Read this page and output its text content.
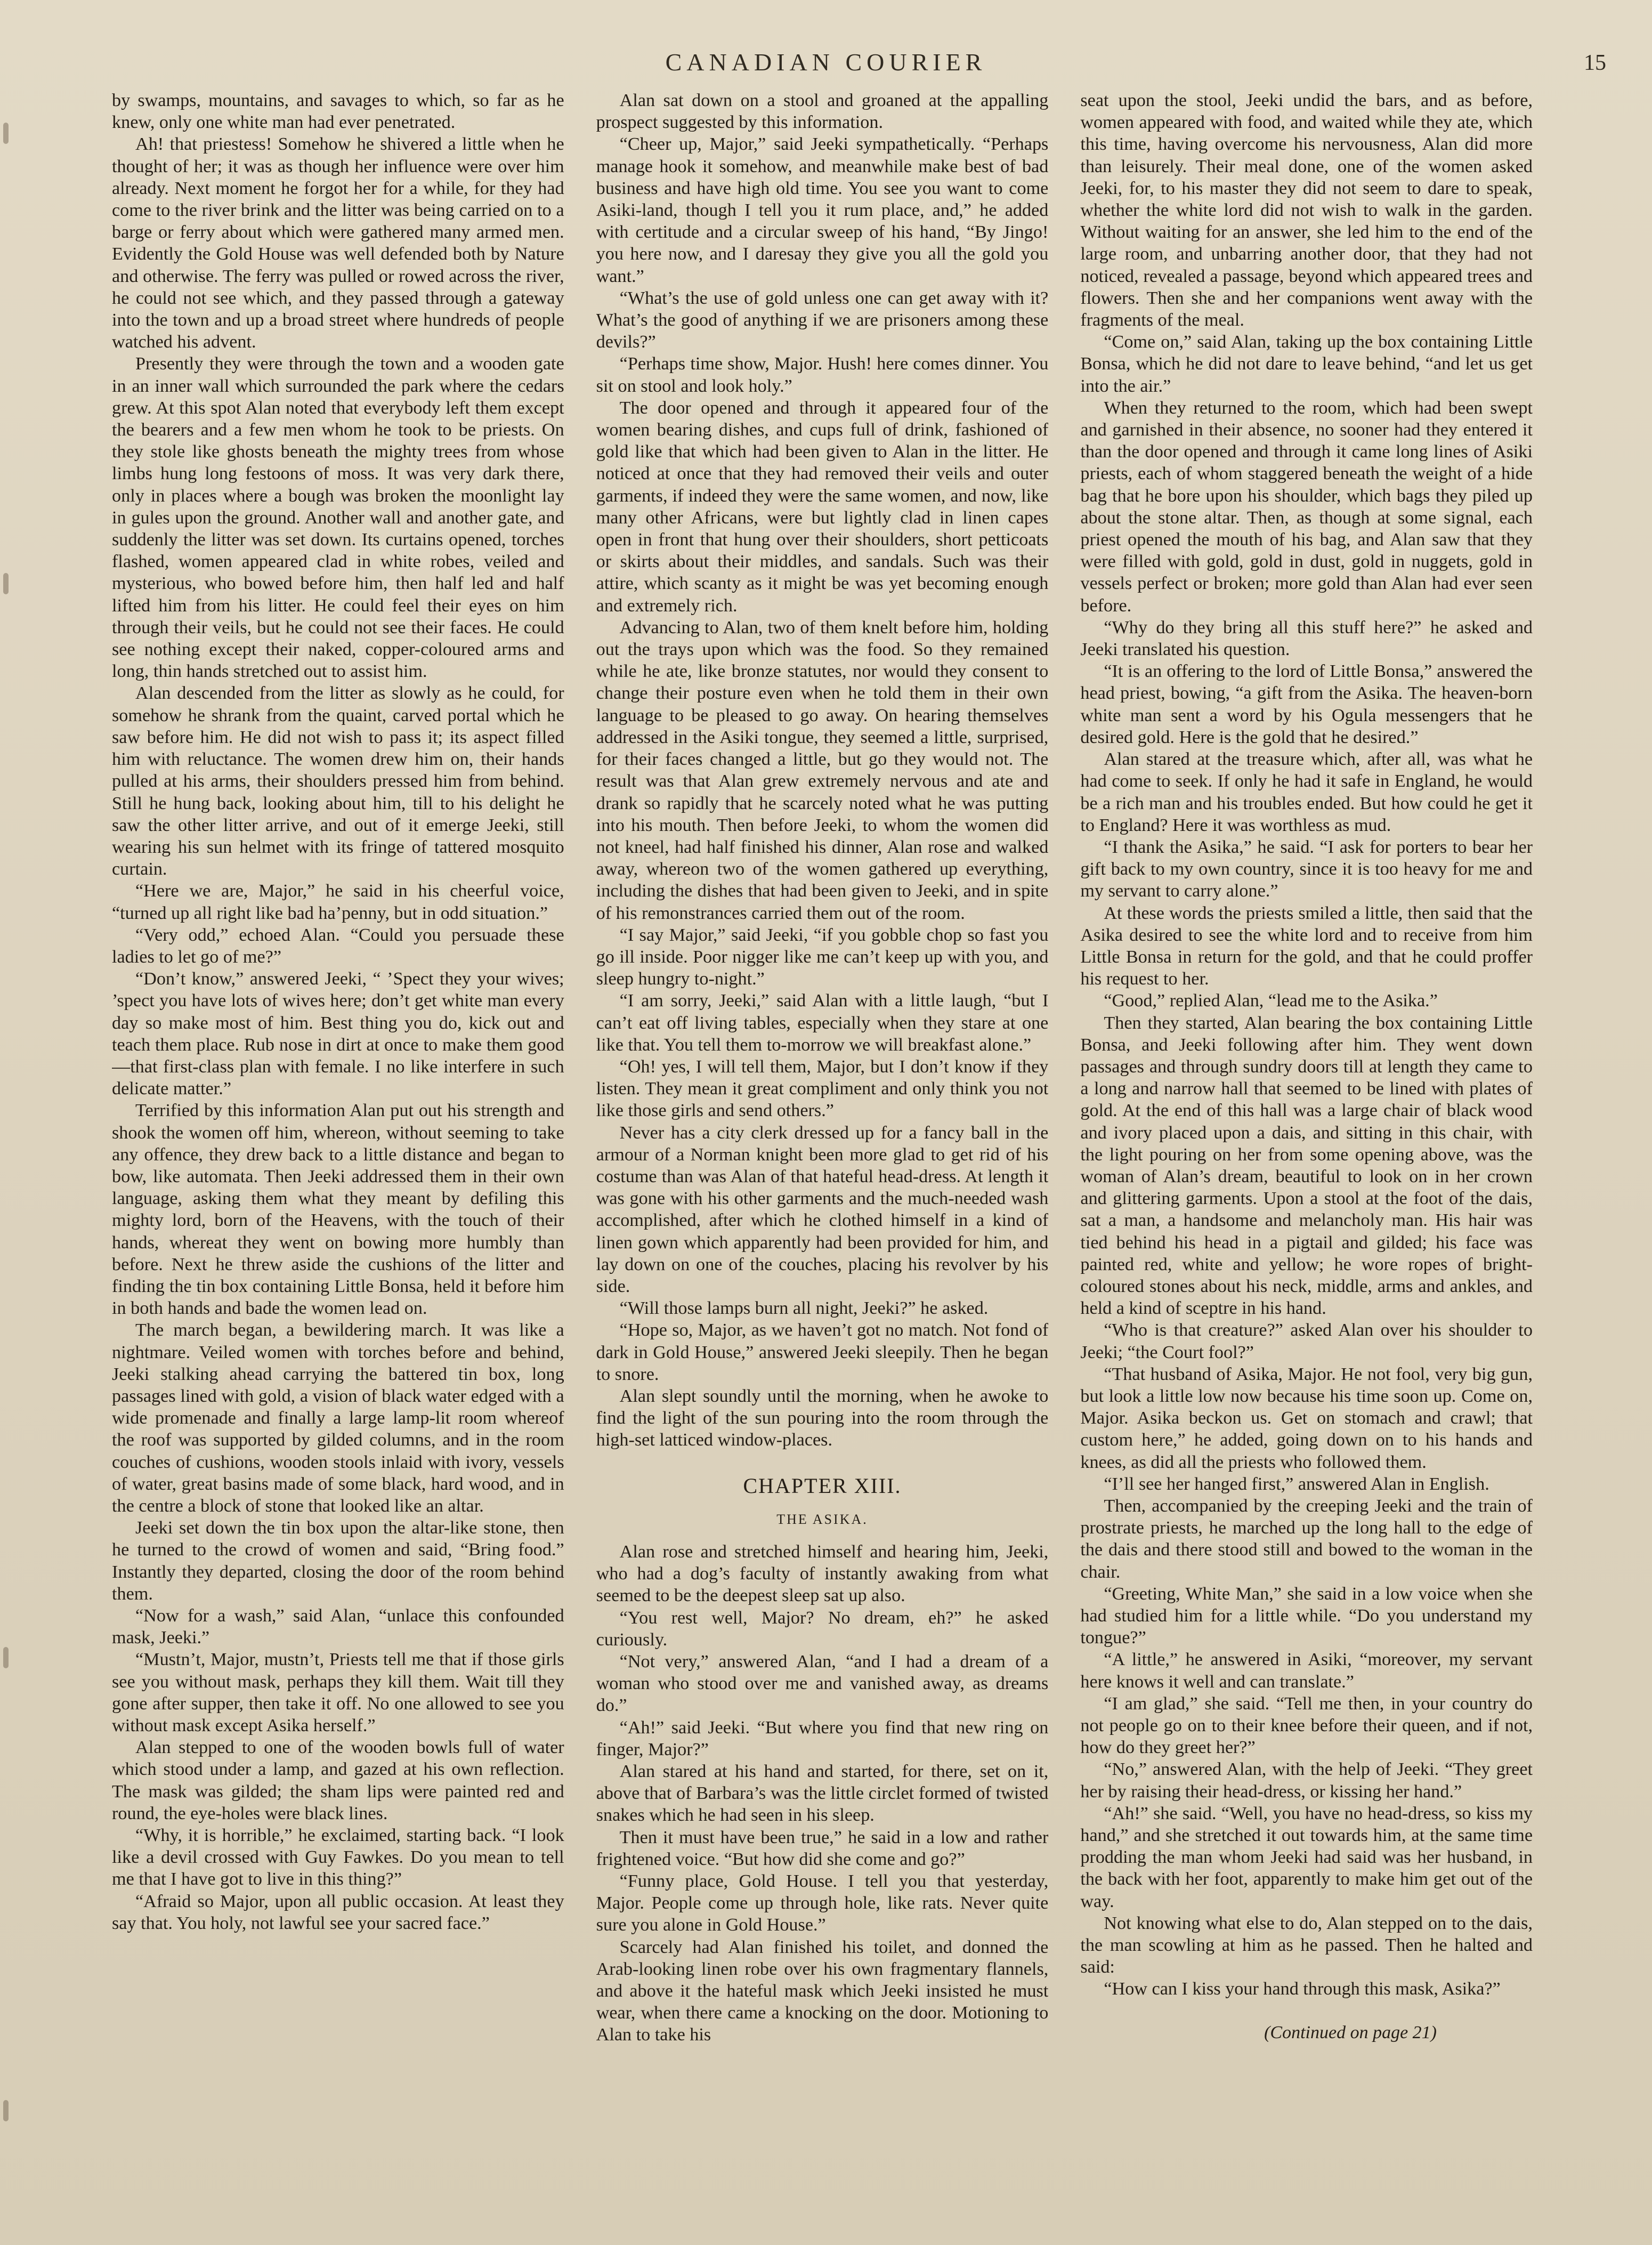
CANADIAN COURIER	15

by swamps, mountains, and savages to which, so far as he knew, only one white man had ever penetrated.

Ah! that priestess! Somehow he shivered a little when he thought of her; it was as though her influence were over him already. Next moment he forgot her for a while, for they had come to the river brink and the litter was being carried on to a barge or ferry about which were gathered many armed men. Evidently the Gold House was well defended both by Nature and otherwise. The ferry was pulled or rowed across the river, he could not see which, and they passed through a gateway into the town and up a broad street where hundreds of people watched his advent.

Presently they were through the town and a wooden gate in an inner wall which surrounded the park where the cedars grew. At this spot Alan noted that everybody left them except the bearers and a few men whom he took to be priests. On they stole like ghosts beneath the mighty trees from whose limbs hung long festoons of moss. It was very dark there, only in places where a bough was broken the moonlight lay in gules upon the ground. Another wall and another gate, and suddenly the litter was set down. Its curtains opened, torches flashed, women appeared clad in white robes, veiled and mysterious, who bowed before him, then half led and half lifted him from his litter. He could feel their eyes on him through their veils, but he could not see their faces. He could see nothing except their naked, copper-coloured arms and long, thin hands stretched out to assist him.

Alan descended from the litter as slowly as he could, for somehow he shrank from the quaint, carved portal which he saw before him. He did not wish to pass it; its aspect filled him with reluctance. The women drew him on, their hands pulled at his arms, their shoulders pressed him from behind. Still he hung back, looking about him, till to his delight he saw the other litter arrive, and out of it emerge Jeeki, still wearing his sun helmet with its fringe of tattered mosquito curtain.

“Here we are, Major,” he said in his cheerful voice, “turned up all right like bad ha’penny, but in odd situation.”

“Very odd,” echoed Alan. “Could you persuade these ladies to let go of me?”

“Don’t know,” answered Jeeki, “ ’Spect they your wives; ’spect you have lots of wives here; don’t get white man every day so make most of him. Best thing you do, kick out and teach them place. Rub nose in dirt at once to make them good—that first-class plan with female. I no like interfere in such delicate matter.”

Terrified by this information Alan put out his strength and shook the women off him, whereon, without seeming to take any offence, they drew back to a little distance and began to bow, like automata. Then Jeeki addressed them in their own language, asking them what they meant by defiling this mighty lord, born of the Heavens, with the touch of their hands, whereat they went on bowing more humbly than before. Next he threw aside the cushions of the litter and finding the tin box containing Little Bonsa, held it before him in both hands and bade the women lead on.

The march began, a bewildering march. It was like a nightmare. Veiled women with torches before and behind, Jeeki stalking ahead carrying the battered tin box, long passages lined with gold, a vision of black water edged with a wide promenade and finally a large lamp-lit room whereof the roof was supported by gilded columns, and in the room couches of cushions, wooden stools inlaid with ivory, vessels of water, great basins made of some black, hard wood, and in the centre a block of stone that looked like an altar.

Jeeki set down the tin box upon the altar-like stone, then he turned to the crowd of women and said, “Bring food.” Instantly they departed, closing the door of the room behind them.

“Now for a wash,” said Alan, “unlace this confounded mask, Jeeki.”

“Mustn’t, Major, mustn’t, Priests tell me that if those girls see you without mask, perhaps they kill them. Wait till they gone after supper, then take it off. No one allowed to see you without mask except Asika herself.”

Alan stepped to one of the wooden bowls full of water which stood under a lamp, and gazed at his own reflection. The mask was gilded; the sham lips were painted red and round, the eye-holes were black lines.

“Why, it is horrible,” he exclaimed, starting back. “I look like a devil crossed with Guy Fawkes. Do you mean to tell me that I have got to live in this thing?”

“Afraid so Major, upon all public occasion. At least they say that. You holy, not lawful see your sacred face.”

Alan sat down on a stool and groaned at the appalling prospect suggested by this information.

“Cheer up, Major,” said Jeeki sympathetically. “Perhaps manage hook it somehow, and meanwhile make best of bad business and have high old time. You see you want to come Asiki-land, though I tell you it rum place, and,” he added with certitude and a circular sweep of his hand, “By Jingo! you here now, and I daresay they give you all the gold you want.”

“What’s the use of gold unless one can get away with it? What’s the good of anything if we are prisoners among these devils?”

“Perhaps time show, Major. Hush! here comes dinner. You sit on stool and look holy.”

The door opened and through it appeared four of the women bearing dishes, and cups full of drink, fashioned of gold like that which had been given to Alan in the litter. He noticed at once that they had removed their veils and outer garments, if indeed they were the same women, and now, like many other Africans, were but lightly clad in linen capes open in front that hung over their shoulders, short petticoats or skirts about their middles, and sandals. Such was their attire, which scanty as it might be was yet becoming enough and extremely rich.

Advancing to Alan, two of them knelt before him, holding out the trays upon which was the food. So they remained while he ate, like bronze statutes, nor would they consent to change their posture even when he told them in their own language to be pleased to go away. On hearing themselves addressed in the Asiki tongue, they seemed a little, surprised, for their faces changed a little, but go they would not. The result was that Alan grew extremely nervous and ate and drank so rapidly that he scarcely noted what he was putting into his mouth. Then before Jeeki, to whom the women did not kneel, had half finished his dinner, Alan rose and walked away, whereon two of the women gathered up everything, including the dishes that had been given to Jeeki, and in spite of his remonstrances carried them out of the room.

“I say Major,” said Jeeki, “if you gobble chop so fast you go ill inside. Poor nigger like me can’t keep up with you, and sleep hungry to-night.”

“I am sorry, Jeeki,” said Alan with a little laugh, “but I can’t eat off living tables, especially when they stare at one like that. You tell them to-morrow we will breakfast alone.”

“Oh! yes, I will tell them, Major, but I don’t know if they listen. They mean it great compliment and only think you not like those girls and send others.”

Never has a city clerk dressed up for a fancy ball in the armour of a Norman knight been more glad to get rid of his costume than was Alan of that hateful head-dress. At length it was gone with his other garments and the much-needed wash accomplished, after which he clothed himself in a kind of linen gown which apparently had been provided for him, and lay down on one of the couches, placing his revolver by his side.

“Will those lamps burn all night, Jeeki?” he asked.

“Hope so, Major, as we haven’t got no match. Not fond of dark in Gold House,” answered Jeeki sleepily. Then he began to snore.

Alan slept soundly until the morning, when he awoke to find the light of the sun pouring into the room through the high-set latticed window-places.

CHAPTER XIII.
THE ASIKA.

Alan rose and stretched himself and hearing him, Jeeki, who had a dog’s faculty of instantly awaking from what seemed to be the deepest sleep sat up also.

“You rest well, Major? No dream, eh?” he asked curiously.

“Not very,” answered Alan, “and I had a dream of a woman who stood over me and vanished away, as dreams do.”

“Ah!” said Jeeki. “But where you find that new ring on finger, Major?”

Alan stared at his hand and started, for there, set on it, above that of Barbara’s was the little circlet formed of twisted snakes which he had seen in his sleep.

Then it must have been true,” he said in a low and rather frightened voice. “But how did she come and go?”

“Funny place, Gold House. I tell you that yesterday, Major. People come up through hole, like rats. Never quite sure you alone in Gold House.”

Scarcely had Alan finished his toilet, and donned the Arab-looking linen robe over his own fragmentary flannels, and above it the hateful mask which Jeeki insisted he must wear, when there came a knocking on the door. Motioning to Alan to take his

seat upon the stool, Jeeki undid the bars, and as before, women appeared with food, and waited while they ate, which this time, having overcome his nervousness, Alan did more than leisurely. Their meal done, one of the women asked Jeeki, for, to his master they did not seem to dare to speak, whether the white lord did not wish to walk in the garden. Without waiting for an answer, she led him to the end of the large room, and unbarring another door, that they had not noticed, revealed a passage, beyond which appeared trees and flowers. Then she and her companions went away with the fragments of the meal.

“Come on,” said Alan, taking up the box containing Little Bonsa, which he did not dare to leave behind, “and let us get into the air.”

When they returned to the room, which had been swept and garnished in their absence, no sooner had they entered it than the door opened and through it came long lines of Asiki priests, each of whom staggered beneath the weight of a hide bag that he bore upon his shoulder, which bags they piled up about the stone altar. Then, as though at some signal, each priest opened the mouth of his bag, and Alan saw that they were filled with gold, gold in dust, gold in nuggets, gold in vessels perfect or broken; more gold than Alan had ever seen before.

“Why do they bring all this stuff here?” he asked and Jeeki translated his question.

“It is an offering to the lord of Little Bonsa,” answered the head priest, bowing, “a gift from the Asika. The heaven-born white man sent a word by his Ogula messengers that he desired gold. Here is the gold that he desired.”

Alan stared at the treasure which, after all, was what he had come to seek. If only he had it safe in England, he would be a rich man and his troubles ended. But how could he get it to England? Here it was worthless as mud.

“I thank the Asika,” he said. “I ask for porters to bear her gift back to my own country, since it is too heavy for me and my servant to carry alone.”

At these words the priests smiled a little, then said that the Asika desired to see the white lord and to receive from him Little Bonsa in return for the gold, and that he could proffer his request to her.

“Good,” replied Alan, “lead me to the Asika.”

Then they started, Alan bearing the box containing Little Bonsa, and Jeeki following after him. They went down passages and through sundry doors till at length they came to a long and narrow hall that seemed to be lined with plates of gold. At the end of this hall was a large chair of black wood and ivory placed upon a dais, and sitting in this chair, with the light pouring on her from some opening above, was the woman of Alan’s dream, beautiful to look on in her crown and glittering garments. Upon a stool at the foot of the dais, sat a man, a handsome and melancholy man. His hair was tied behind his head in a pigtail and gilded; his face was painted red, white and yellow; he wore ropes of bright-coloured stones about his neck, middle, arms and ankles, and held a kind of sceptre in his hand.

“Who is that creature?” asked Alan over his shoulder to Jeeki; “the Court fool?”

“That husband of Asika, Major. He not fool, very big gun, but look a little low now because his time soon up. Come on, Major. Asika beckon us. Get on stomach and crawl; that custom here,” he added, going down on to his hands and knees, as did all the priests who followed them.

“I’ll see her hanged first,” answered Alan in English.

Then, accompanied by the creeping Jeeki and the train of prostrate priests, he marched up the long hall to the edge of the dais and there stood still and bowed to the woman in the chair.

“Greeting, White Man,” she said in a low voice when she had studied him for a little while. “Do you understand my tongue?”

“A little,” he answered in Asiki, “moreover, my servant here knows it well and can translate.”

“I am glad,” she said. “Tell me then, in your country do not people go on to their knee before their queen, and if not, how do they greet her?”

“No,” answered Alan, with the help of Jeeki. “They greet her by raising their head-dress, or kissing her hand.”

“Ah!” she said. “Well, you have no head-dress, so kiss my hand,” and she stretched it out towards him, at the same time prodding the man whom Jeeki had said was her husband, in the back with her foot, apparently to make him get out of the way.

Not knowing what else to do, Alan stepped on to the dais, the man scowling at him as he passed. Then he halted and said:

“How can I kiss your hand through this mask, Asika?”

(Continued on page 21)
